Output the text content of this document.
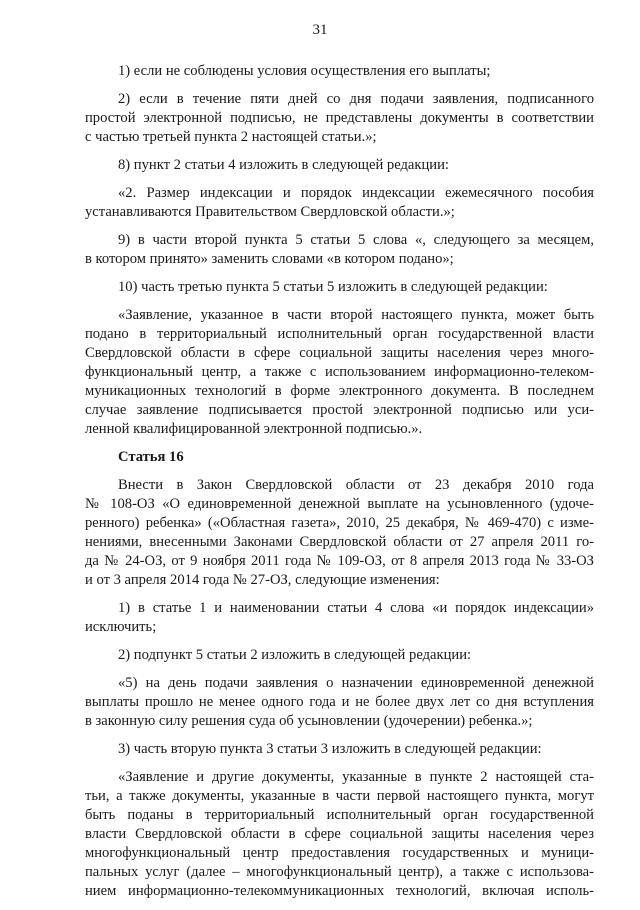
31
1) если не соблюдены условия осуществления его выплаты;
2) если в течение пяти дней со дня подачи заявления, подписанного
простой электронной подписью, не представлены документы в соответствии
с частью третьей пункта 2 настоящей статьи.»;
8) пункт 2 статьи 4 изложить в следующей редакции:
«2. Размер индексации и порядок индексации ежемесячного пособия
устанавливаются Правительством Свердловской области.»;
9) в части второй пункта 5 статьи 5 слова «, следующего за месяцем,
в котором принято» заменить словами «в котором подано»;
10) часть третью пункта 5 статьи 5 изложить в следующей редакции:
«Заявление, указанное в части второй настоящего пункта, может быть
подано в территориальный исполнительный орган государственной власти
Свердловской области в сфере социальной защиты населения через много-
функциональный центр, а также с использованием информационно-телеком-
муникационных технологий в форме электронного документа. В последнем
случае заявление подписывается простой электронной подписью или уси-
ленной квалифицированной электронной подписью.».
Статья 16
Внести в Закон Свердловской области от 23 декабря 2010 года
№ 108-ОЗ «О единовременной денежной выплате на усыновленного (удоче-
ренного) ребенка» («Областная газета», 2010, 25 декабря, № 469-470) с изме-
нениями, внесенными Законами Свердловской области от 27 апреля 2011 го-
да № 24-ОЗ, от 9 ноября 2011 года № 109-ОЗ, от 8 апреля 2013 года № 33-ОЗ
и от 3 апреля 2014 года № 27-ОЗ, следующие изменения:
1) в статье 1 и наименовании статьи 4 слова «и порядок индексации»
исключить;
2) подпункт 5 статьи 2 изложить в следующей редакции:
«5) на день подачи заявления о назначении единовременной денежной
выплаты прошло не менее одного года и не более двух лет со дня вступления
в законную силу решения суда об усыновлении (удочерении) ребенка.»;
3) часть вторую пункта 3 статьи 3 изложить в следующей редакции:
«Заявление и другие документы, указанные в пункте 2 настоящей ста-
тьи, а также документы, указанные в части первой настоящего пункта, могут
быть поданы в территориальный исполнительный орган государственной
власти Свердловской области в сфере социальной защиты населения через
многофункциональный центр предоставления государственных и муници-
пальных услуг (далее – многофункциональный центр), а также с использова-
нием информационно-телекоммуникационных технологий, включая исполь-
